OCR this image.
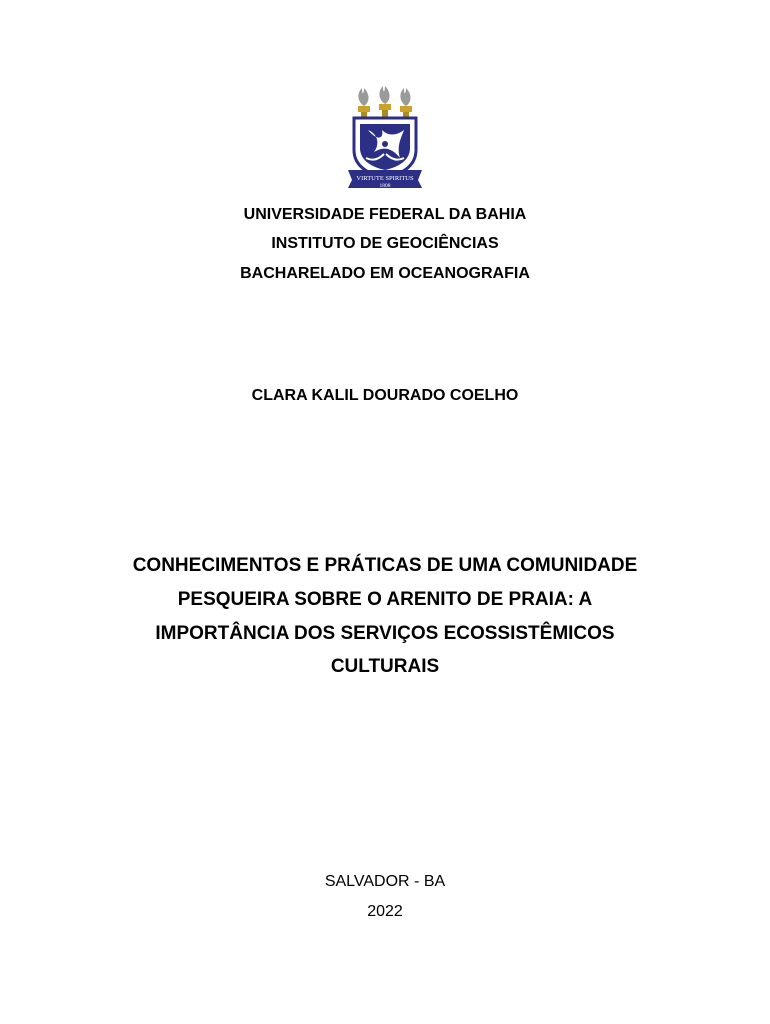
VIRTUTE SPIRITUS
1808
UNIVERSIDADE FEDERAL DA BAHIA
INSTITUTO DE GEOCIÊNCIAS
BACHARELADO EM OCEANOGRAFIA
CLARA KALIL DOURADO COELHO
CONHECIMENTOS E PRÁTICAS DE UMA COMUNIDADE
PESQUEIRA SOBRE O ARENITO DE PRAIA: A
IMPORTÂNCIA DOS SERVIÇOS ECOSSISTÊMICOS
CULTURAIS
SALVADOR - BA
2022
